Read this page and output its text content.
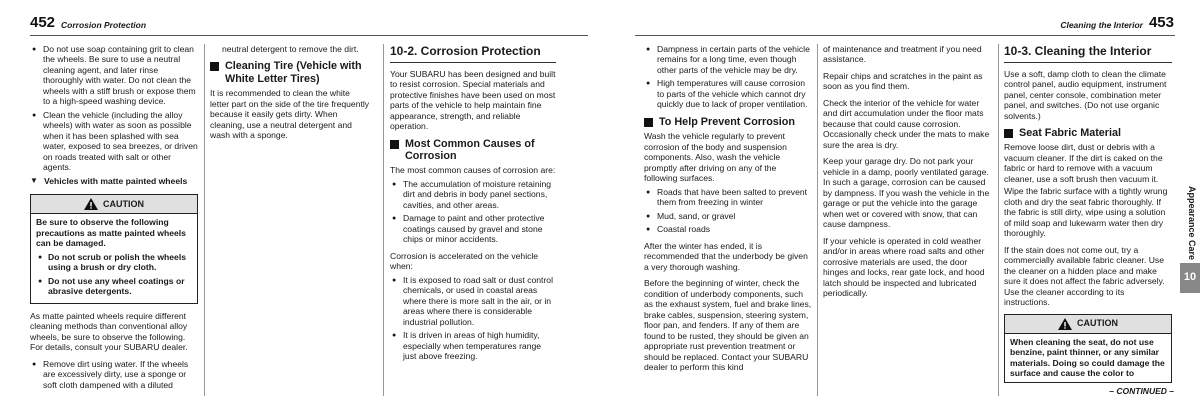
452 Corrosion Protection	Cleaning the Interior 453
● Do not use soap containing grit to clean the wheels. Be sure to use a neutral cleaning agent, and later rinse thoroughly with water. Do not clean the wheels with a stiff brush or expose them to a high-speed washing device.
● Clean the vehicle (including the alloy wheels) with water as soon as possible when it has been splashed with sea water, exposed to sea breezes, or driven on roads treated with salt or other agents.
▼ Vehicles with matte painted wheels
CAUTION

Be sure to observe the following precautions as matte painted wheels can be damaged.

● Do not scrub or polish the wheels using a brush or dry cloth.
● Do not use any wheel coatings or abrasive detergents.

As matte painted wheels require different cleaning methods than conventional alloy wheels, be sure to observe the following. For details, consult your SUBARU dealer.

● Remove dirt using water. If the wheels are excessively dirty, use a sponge or soft cloth dampened with a diluted

neutral detergent to remove the dirt.

Cleaning Tire (Vehicle with White Letter Tires)

It is recommended to clean the white letter part on the side of the tire frequently because it easily gets dirty. When cleaning, use a neutral detergent and wash with a sponge.

10-2. Corrosion Protection

Your SUBARU has been designed and built to resist corrosion. Special materials and protective finishes have been used on most parts of the vehicle to help maintain fine appearance, strength, and reliable operation.

Most Common Causes of Corrosion

The most common causes of corrosion are:

● The accumulation of moisture retaining dirt and debris in body panel sections, cavities, and other areas.
● Damage to paint and other protective coatings caused by gravel and stone chips or minor accidents.

Corrosion is accelerated on the vehicle when:

● It is exposed to road salt or dust control chemicals, or used in coastal areas where there is more salt in the air, or in areas where there is considerable industrial pollution.
● It is driven in areas of high humidity, especially when temperatures range just above freezing.
● Dampness in certain parts of the vehicle remains for a long time, even though other parts of the vehicle may be dry.
● High temperatures will cause corrosion to parts of the vehicle which cannot dry quickly due to lack of proper ventilation.
To Help Prevent Corrosion

Wash the vehicle regularly to prevent corrosion of the body and suspension components. Also, wash the vehicle promptly after driving on any of the following surfaces.

● Roads that have been salted to prevent them from freezing in winter
● Mud, sand, or gravel
● Coastal roads

After the winter has ended, it is recommended that the underbody be given a very thorough washing.

Before the beginning of winter, check the condition of underbody components, such as the exhaust system, fuel and brake lines, brake cables, suspension, steering system, floor pan, and fenders. If any of them are found to be rusted, they should be given an appropriate rust prevention treatment or should be replaced. Contact your SUBARU dealer to perform this kind

of maintenance and treatment if you need assistance.

Repair chips and scratches in the paint as soon as you find them.

Check the interior of the vehicle for water and dirt accumulation under the floor mats because that could cause corrosion. Occasionally check under the mats to make sure the area is dry.

Keep your garage dry. Do not park your vehicle in a damp, poorly ventilated garage. In such a garage, corrosion can be caused by dampness. If you wash the vehicle in the garage or put the vehicle into the garage when wet or covered with snow, that can cause dampness.

If your vehicle is operated in cold weather and/or in areas where road salts and other corrosive materials are used, the door hinges and locks, rear gate lock, and hood latch should be inspected and lubricated periodically.

10-3. Cleaning the Interior

Use a soft, damp cloth to clean the climate control panel, audio equipment, instrument panel, center console, combination meter panel, and switches. (Do not use organic solvents.)

Seat Fabric Material

Remove loose dirt, dust or debris with a vacuum cleaner. If the dirt is caked on the fabric or hard to remove with a vacuum cleaner, use a soft brush then vacuum it.

Wipe the fabric surface with a tightly wrung cloth and dry the seat fabric thoroughly. If the fabric is still dirty, wipe using a solution of mild soap and lukewarm water then dry thoroughly.

If the stain does not come out, try a commercially available fabric cleaner. Use the cleaner on a hidden place and make sure it does not affect the fabric adversely. Use the cleaner according to its instructions.

CAUTION
When cleaning the seat, do not use benzine, paint thinner, or any similar materials. Doing so could damage the surface and cause the color to
Appearance Care
10
– CONTINUED –
